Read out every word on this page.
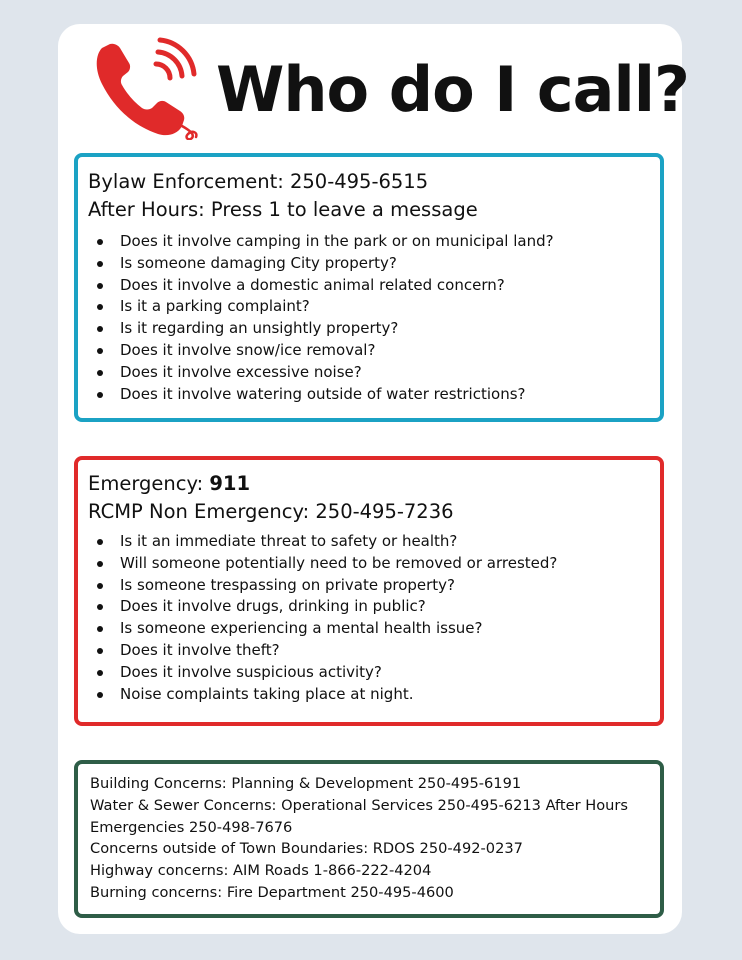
Who do I call?
Bylaw Enforcement: 250-495-6515
After Hours: Press 1 to leave a message
Does it involve camping in the park or on municipal land?
Is someone damaging City property?
Does it involve a domestic animal related concern?
Is it a parking complaint?
Is it regarding an unsightly property?
Does it involve snow/ice removal?
Does it involve excessive noise?
Does it involve watering outside of water restrictions?
Emergency: 911
RCMP Non Emergency: 250-495-7236
Is it an immediate threat to safety or health?
Will someone potentially need to be removed or arrested?
Is someone trespassing on private property?
Does it involve drugs, drinking in public?
Is someone experiencing a mental health issue?
Does it involve theft?
Does it involve suspicious activity?
Noise complaints taking place at night.
Building Concerns: Planning & Development 250-495-6191
Water & Sewer Concerns: Operational Services 250-495-6213 After Hours
Emergencies 250-498-7676
Concerns outside of Town Boundaries: RDOS 250-492-0237
Highway concerns: AIM Roads 1-866-222-4204
Burning concerns: Fire Department 250-495-4600
